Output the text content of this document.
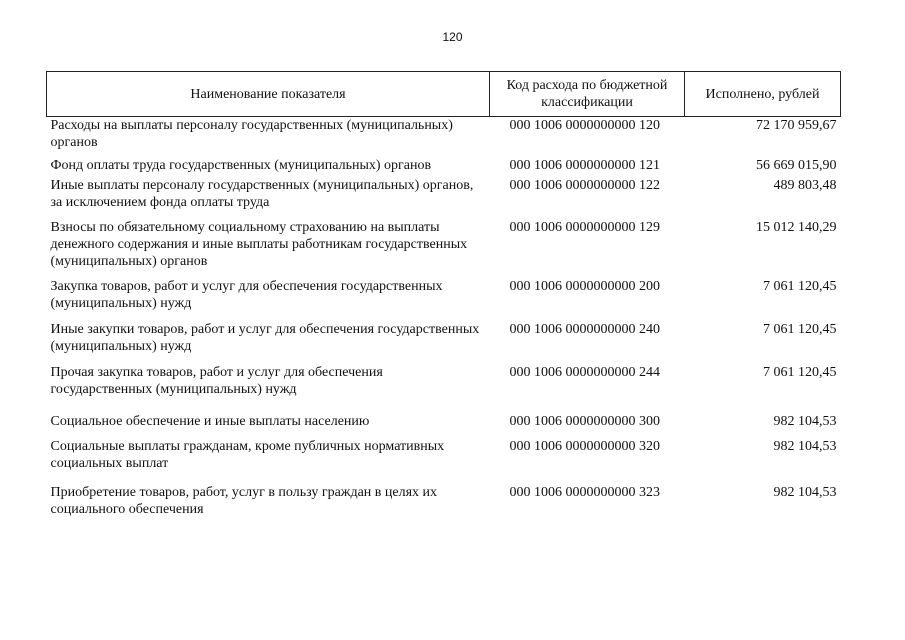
120
Наименование показателя	Код расхода по бюджетной классификации	Исполнено, рублей
Расходы на выплаты персоналу государственных (муниципальных) органов	000 1006 0000000000 120	72 170 959,67
Фонд оплаты труда государственных (муниципальных) органов	000 1006 0000000000 121	56 669 015,90
Иные выплаты персоналу государственных (муниципальных) органов, за исключением фонда оплаты труда	000 1006 0000000000 122	489 803,48
Взносы по обязательному социальному страхованию на выплаты денежного содержания и иные выплаты работникам государственных (муниципальных) органов	000 1006 0000000000 129	15 012 140,29
Закупка товаров, работ и услуг для обеспечения государственных (муниципальных) нужд	000 1006 0000000000 200	7 061 120,45
Иные закупки товаров, работ и услуг для обеспечения государственных (муниципальных) нужд	000 1006 0000000000 240	7 061 120,45
Прочая закупка товаров, работ и услуг для обеспечения государственных (муниципальных) нужд	000 1006 0000000000 244	7 061 120,45
Социальное обеспечение и иные выплаты населению	000 1006 0000000000 300	982 104,53
Социальные выплаты гражданам, кроме публичных нормативных социальных выплат	000 1006 0000000000 320	982 104,53
Приобретение товаров, работ, услуг в пользу граждан в целях их социального обеспечения	000 1006 0000000000 323	982 104,53
